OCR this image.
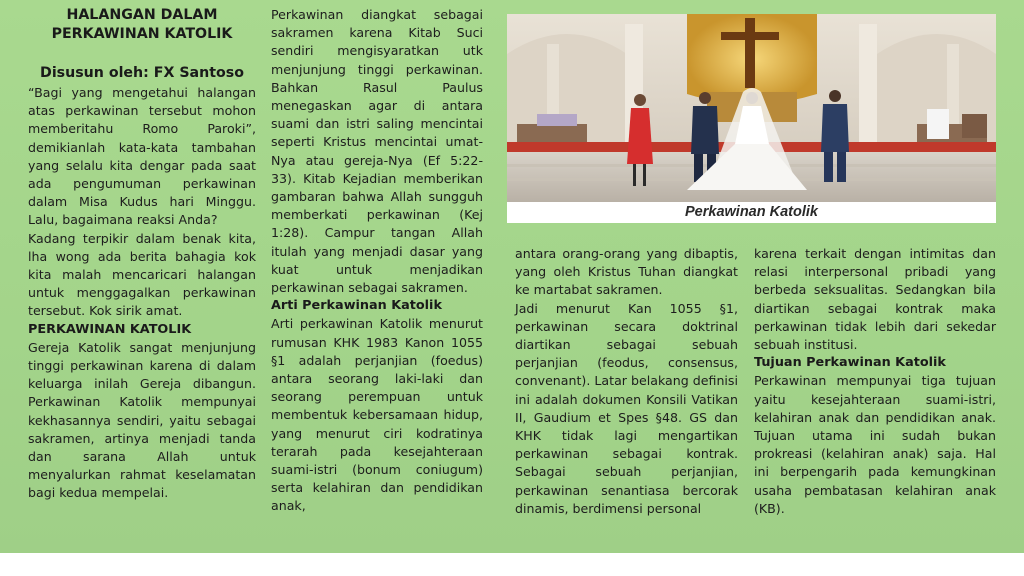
HALANGAN DALAM
PERKAWINAN KATOLIK
Disusun oleh: FX Santoso

“Bagi yang mengetahui halangan atas perkawinan tersebut mohon memberitahu Romo Paroki”, demikianlah kata-kata tambahan yang selalu kita dengar pada saat ada pengumuman perkawinan dalam Misa Kudus hari Minggu. Lalu, bagaimana reaksi Anda?

Kadang terpikir dalam benak kita, lha wong ada berita bahagia kok kita malah mencaricari halangan untuk menggagalkan perkawinan tersebut. Kok sirik amat.

PERKAWINAN KATOLIK

Gereja Katolik sangat menjunjung tinggi perkawinan karena di dalam keluarga inilah Gereja dibangun. Perkawinan Katolik mempunyai kekhasannya sendiri, yaitu sebagai sakramen, artinya menjadi tanda dan sarana Allah untuk menyalurkan rahmat keselamatan bagi kedua mempelai.

Perkawinan diangkat sebagai sakramen karena Kitab Suci sendiri mengisyaratkan utk menjunjung tinggi perkawinan. Bahkan Rasul Paulus menegaskan agar di antara suami dan istri saling mencintai seperti Kristus mencintai umat-Nya atau gereja-Nya (Ef 5:22-33). Kitab Kejadian memberikan gambaran bahwa Allah sungguh memberkati perkawinan (Kej 1:28). Campur tangan Allah itulah yang menjadi dasar yang kuat untuk menjadikan perkawinan sebagai sakramen.

Arti Perkawinan Katolik

Arti perkawinan Katolik menurut rumusan KHK 1983 Kanon 1055 §1 adalah perjanjian (foedus) antara seorang laki-laki dan seorang perempuan untuk membentuk kebersamaan hidup, yang menurut ciri kodratinya terarah pada kesejahteraan suami-istri (bonum coniugum) serta kelahiran dan pendidikan anak,

Perkawinan Katolik

antara orang-orang yang dibaptis, yang oleh Kristus Tuhan diangkat ke martabat sakramen.

Jadi menurut Kan 1055 §1, perkawinan secara doktrinal diartikan sebagai sebuah perjanjian (feodus, consensus, convenant). Latar belakang definisi ini adalah dokumen Konsili Vatikan II, Gaudium et Spes §48. GS dan KHK tidak lagi mengartikan perkawinan sebagai kontrak. Sebagai sebuah perjanjian, perkawinan senantiasa bercorak dinamis, berdimensi personal

karena terkait dengan intimitas dan relasi interpersonal pribadi yang berbeda seksualitas. Sedangkan bila diartikan sebagai kontrak maka perkawinan tidak lebih dari sekedar sebuah institusi.

Tujuan Perkawinan Katolik

Perkawinan mempunyai tiga tujuan yaitu kesejahteraan suami-istri, kelahiran anak dan pendidikan anak. Tujuan utama ini sudah bukan prokreasi (kelahiran anak) saja. Hal ini berpengarih pada kemungkinan usaha pembatasan kelahiran anak (KB).
